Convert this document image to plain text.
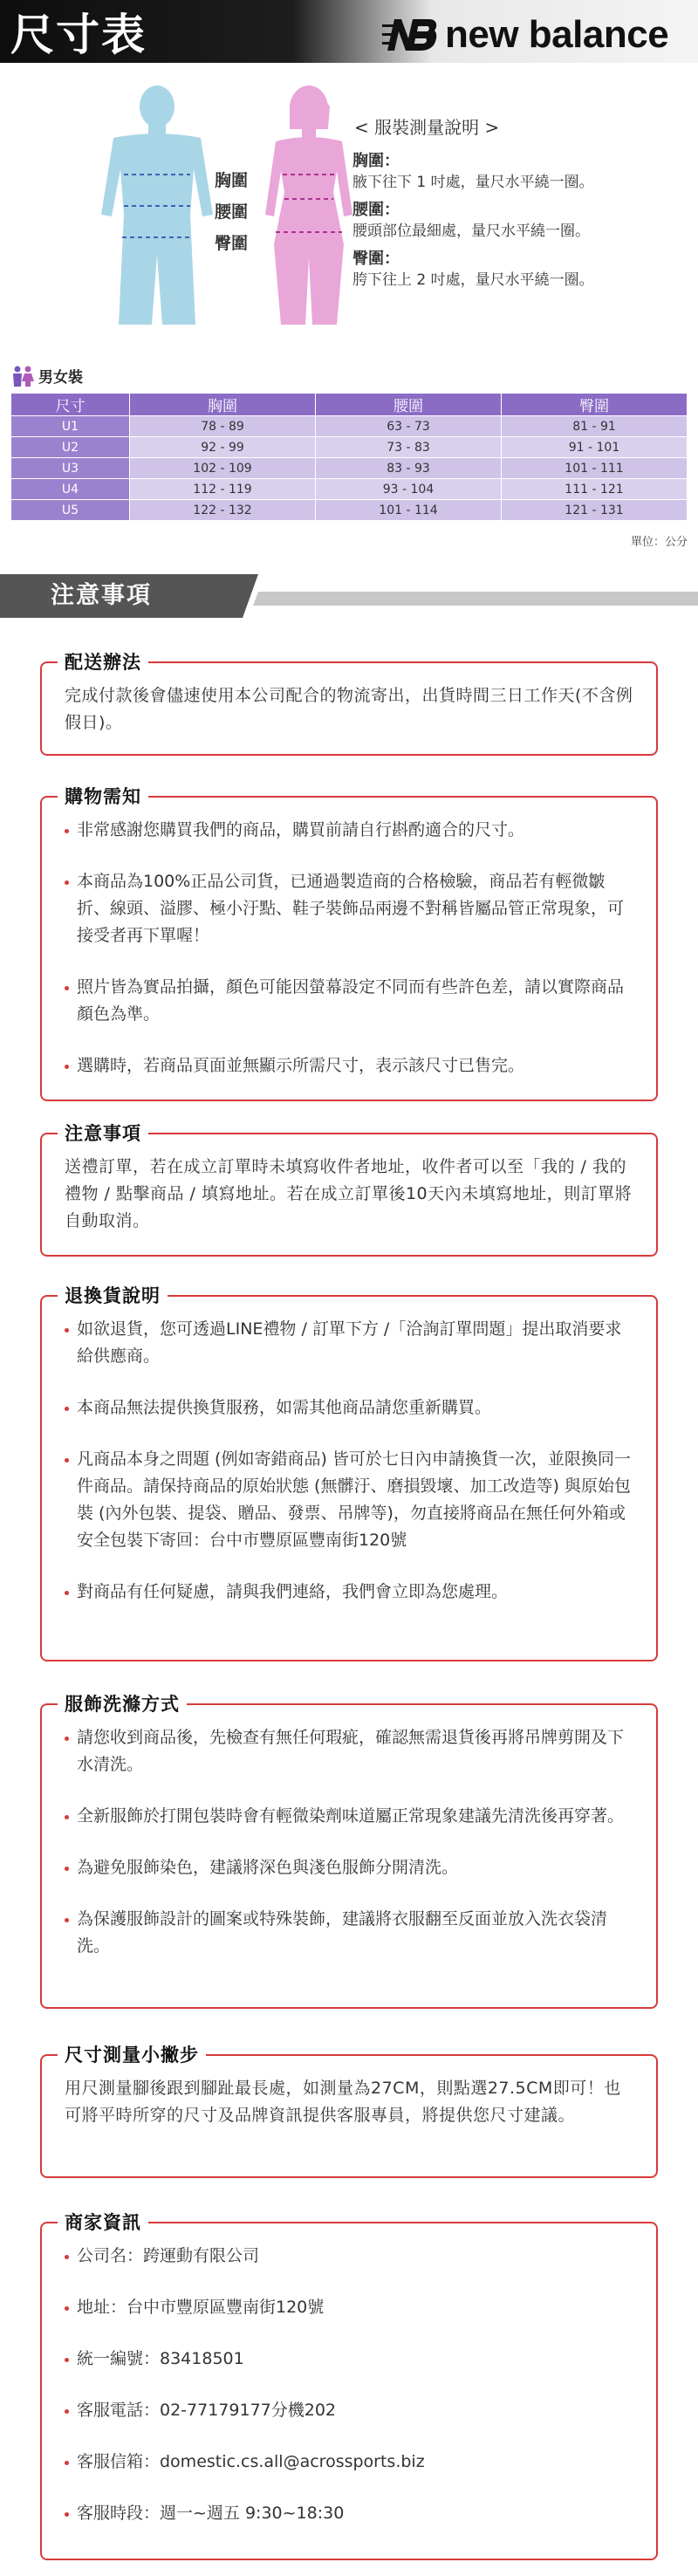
尺寸表	new balance
胸圍
腰圍
臀圍
< 服裝測量說明 >
胸圍：
腋下往下 1 吋處，量尺水平繞一圈。
腰圍：
腰頭部位最細處，量尺水平繞一圈。
臀圍：
胯下往上 2 吋處，量尺水平繞一圈。
男女裝
尺寸	胸圍	腰圍	臀圍
U1	78 - 89	63 - 73	81 - 91
U2	92 - 99	73 - 83	91 - 101
U3	102 - 109	83 - 93	101 - 111
U4	112 - 119	93 - 104	111 - 121
U5	122 - 132	101 - 114	121 - 131
單位：公分
注意事項
配送辦法
完成付款後會儘速使用本公司配合的物流寄出，出貨時間三日工作天(不含例假日)。
購物需知
非常感謝您購買我們的商品，購買前請自行斟酌適合的尺寸。
本商品為100%正品公司貨，已通過製造商的合格檢驗，商品若有輕微皺折、線頭、溢膠、極小汙點、鞋子裝飾品兩邊不對稱皆屬品管正常現象，可接受者再下單喔！
照片皆為實品拍攝，顏色可能因螢幕設定不同而有些許色差，請以實際商品顏色為準。
選購時，若商品頁面並無顯示所需尺寸，表示該尺寸已售完。
注意事項
送禮訂單，若在成立訂單時未填寫收件者地址，收件者可以至「我的 / 我的禮物 / 點擊商品 / 填寫地址。若在成立訂單後10天內未填寫地址，則訂單將自動取消。
退換貨說明
如欲退貨，您可透過LINE禮物 / 訂單下方 /「洽詢訂單問題」提出取消要求給供應商。
本商品無法提供換貨服務，如需其他商品請您重新購買。
凡商品本身之問題 (例如寄錯商品) 皆可於七日內申請換貨一次，並限換同一件商品。請保持商品的原始狀態 (無髒汙、磨損毀壞、加工改造等) 與原始包裝 (內外包裝、提袋、贈品、發票、吊牌等)，勿直接將商品在無任何外箱或安全包裝下寄回：台中市豐原區豐南街120號
對商品有任何疑慮，請與我們連絡，我們會立即為您處理。
服飾洗滌方式
請您收到商品後，先檢查有無任何瑕疵，確認無需退貨後再將吊牌剪開及下水清洗。
全新服飾於打開包裝時會有輕微染劑味道屬正常現象建議先清洗後再穿著。
為避免服飾染色，建議將深色與淺色服飾分開清洗。
為保護服飾設計的圖案或特殊裝飾，建議將衣服翻至反面並放入洗衣袋清洗。
尺寸測量小撇步
用尺測量腳後跟到腳趾最長處，如測量為27CM，則點選27.5CM即可！也可將平時所穿的尺寸及品牌資訊提供客服專員，將提供您尺寸建議。
商家資訊
公司名：跨運動有限公司
地址：台中市豐原區豐南街120號
統一編號：83418501
客服電話：02-77179177分機202
客服信箱：domestic.cs.all@acrossports.biz
客服時段：週一~週五 9:30~18:30
